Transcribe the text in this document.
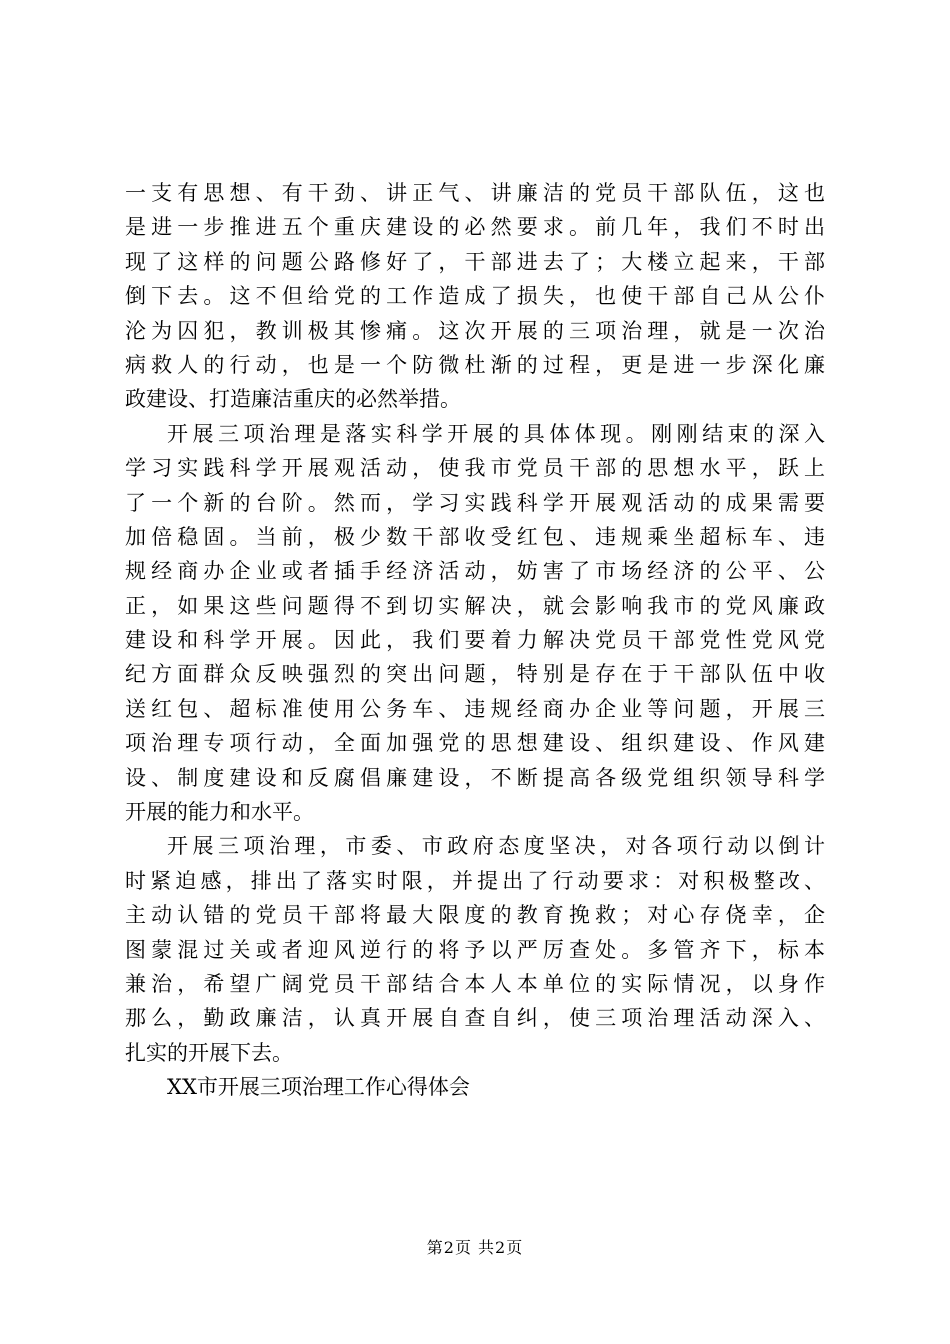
一支有思想、有干劲、讲正气、讲廉洁的党员干部队伍，这也
是进一步推进五个重庆建设的必然要求。前几年，我们不时出
现了这样的问题公路修好了，干部进去了；大楼立起来，干部
倒下去。这不但给党的工作造成了损失，也使干部自己从公仆
沦为囚犯，教训极其惨痛。这次开展的三项治理，就是一次治
病救人的行动，也是一个防微杜渐的过程，更是进一步深化廉
政建设、打造廉洁重庆的必然举措。
开展三项治理是落实科学开展的具体体现。刚刚结束的深入
学习实践科学开展观活动，使我市党员干部的思想水平，跃上
了一个新的台阶。然而，学习实践科学开展观活动的成果需要
加倍稳固。当前，极少数干部收受红包、违规乘坐超标车、违
规经商办企业或者插手经济活动，妨害了市场经济的公平、公
正，如果这些问题得不到切实解决，就会影响我市的党风廉政
建设和科学开展。因此，我们要着力解决党员干部党性党风党
纪方面群众反映强烈的突出问题，特别是存在于干部队伍中收
送红包、超标准使用公务车、违规经商办企业等问题，开展三
项治理专项行动，全面加强党的思想建设、组织建设、作风建
设、制度建设和反腐倡廉建设，不断提高各级党组织领导科学
开展的能力和水平。
开展三项治理，市委、市政府态度坚决，对各项行动以倒计
时紧迫感，排出了落实时限，并提出了行动要求：对积极整改、
主动认错的党员干部将最大限度的教育挽救；对心存侥幸，企
图蒙混过关或者迎风逆行的将予以严厉查处。多管齐下，标本
兼治，希望广阔党员干部结合本人本单位的实际情况，以身作
那么，勤政廉洁，认真开展自查自纠，使三项治理活动深入、
扎实的开展下去。
XX市开展三项治理工作心得体会
第2页 共2页
